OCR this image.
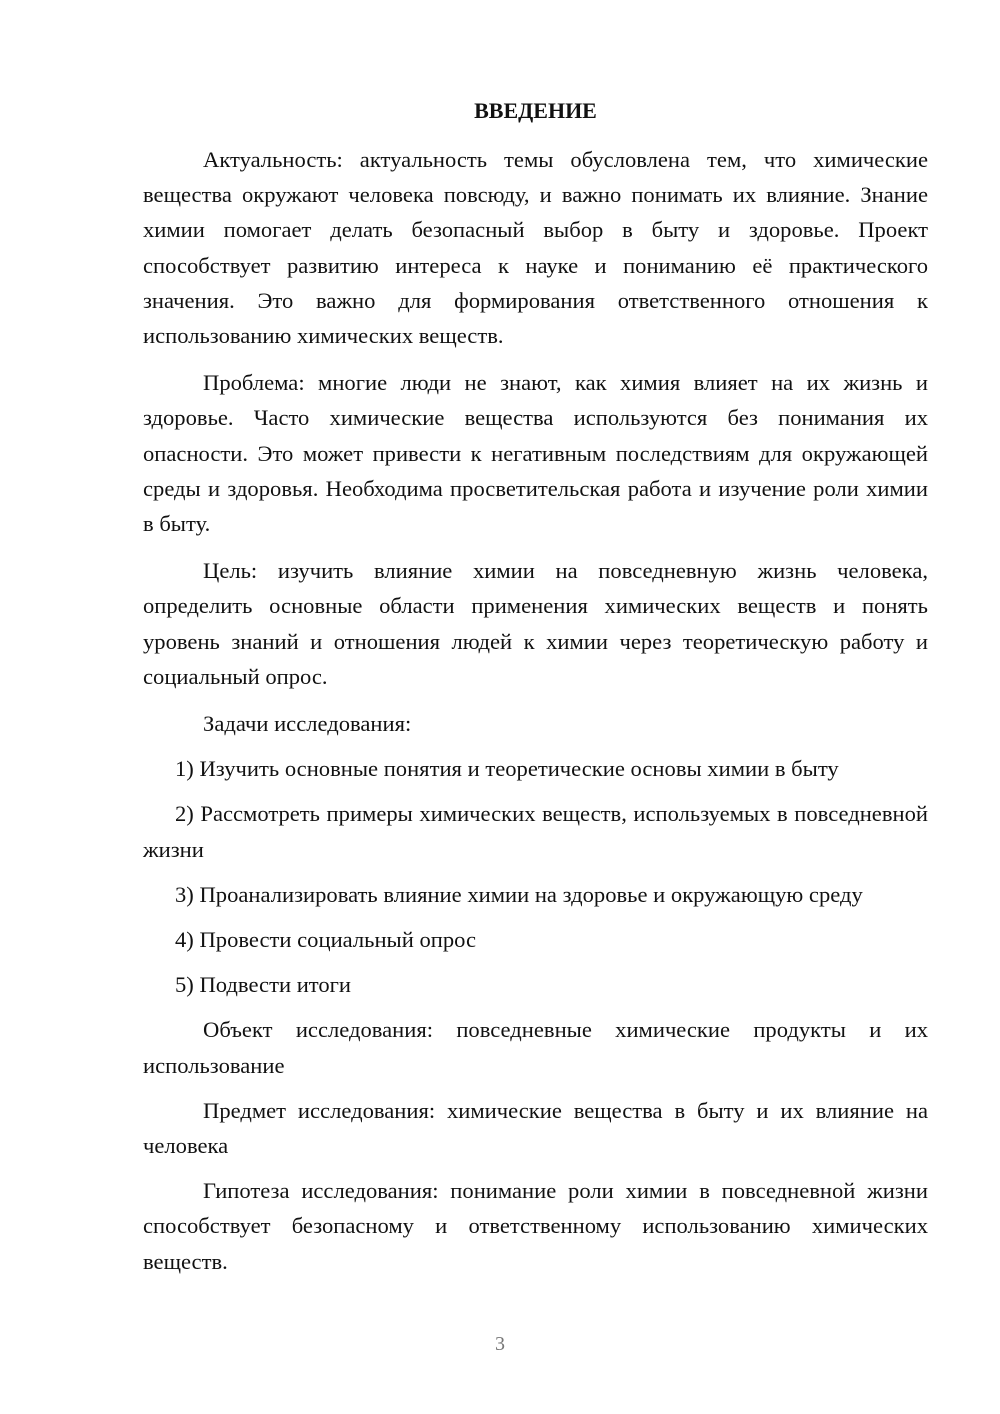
ВВЕДЕНИЕ

Актуальность: актуальность темы обусловлена тем, что химические вещества окружают человека повсюду, и важно понимать их влияние. Знание химии помогает делать безопасный выбор в быту и здоровье. Проект способствует развитию интереса к науке и пониманию её практического значения. Это важно для формирования ответственного отношения к использованию химических веществ.

Проблема: многие люди не знают, как химия влияет на их жизнь и здоровье. Часто химические вещества используются без понимания их опасности. Это может привести к негативным последствиям для окружающей среды и здоровья. Необходима просветительская работа и изучение роли химии в быту.

Цель: изучить влияние химии на повседневную жизнь человека, определить основные области применения химических веществ и понять уровень знаний и отношения людей к химии через теоретическую работу и социальный опрос.

Задачи исследования:

1) Изучить основные понятия и теоретические основы химии в быту

2) Рассмотреть примеры химических веществ, используемых в повседневной жизни

3) Проанализировать влияние химии на здоровье и окружающую среду

4) Провести социальный опрос

5) Подвести итоги

Объект исследования: повседневные химические продукты и их использование

Предмет исследования: химические вещества в быту и их влияние на человека

Гипотеза исследования: понимание роли химии в повседневной жизни способствует безопасному и ответственному использованию химических веществ.

3
